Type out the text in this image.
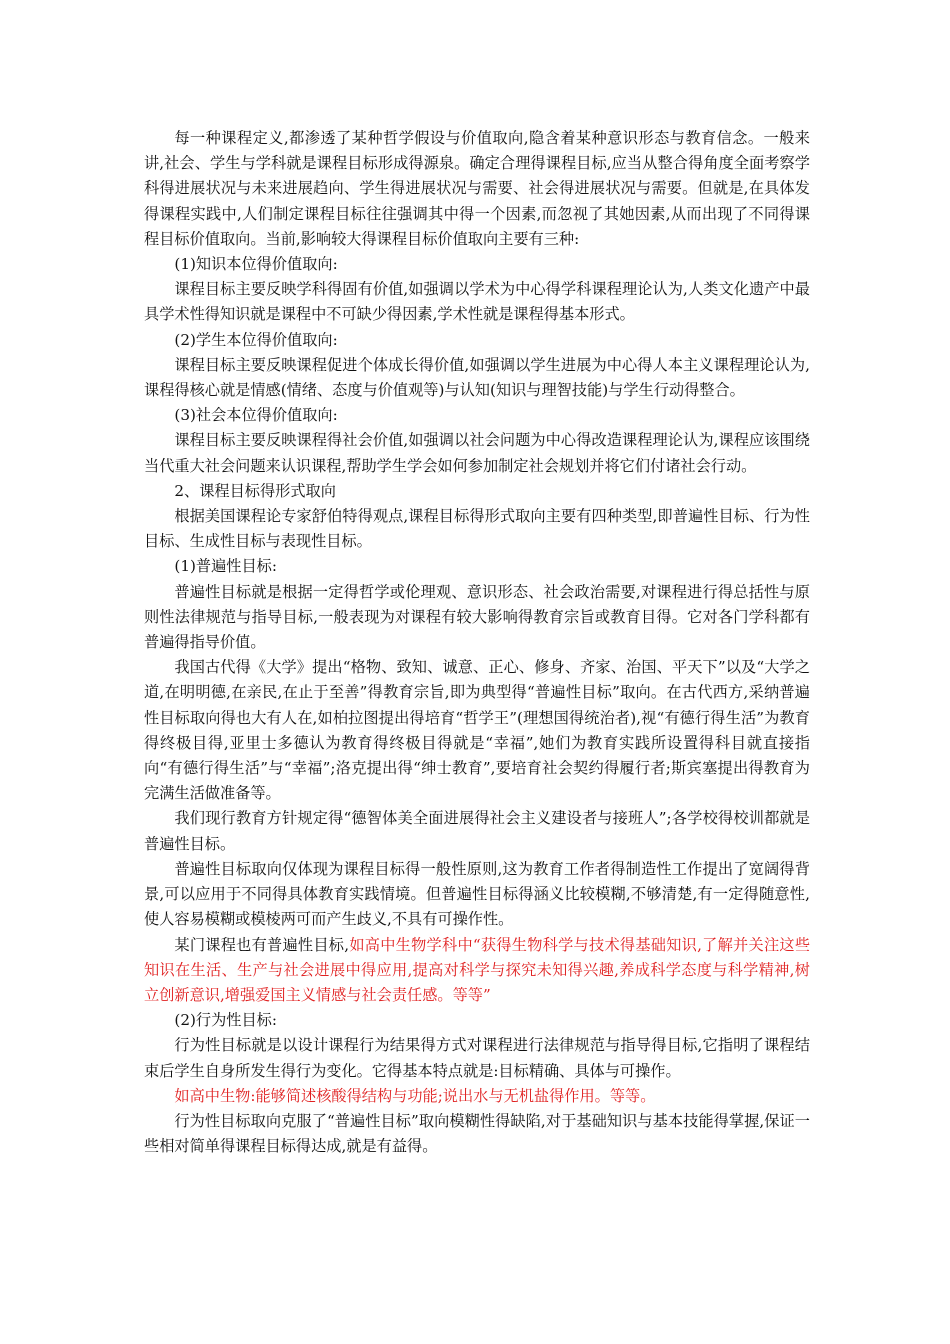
每一种课程定义,都渗透了某种哲学假设与价值取向,隐含着某种意识形态与教育信念。一般来讲,社会、学生与学科就是课程目标形成得源泉。确定合理得课程目标,应当从整合得角度全面考察学科得进展状况与未来进展趋向、学生得进展状况与需要、社会得进展状况与需要。但就是,在具体发得课程实践中,人们制定课程目标往往强调其中得一个因素,而忽视了其她因素,从而出现了不同得课程目标价值取向。当前,影响较大得课程目标价值取向主要有三种:

(1)知识本位得价值取向:

课程目标主要反映学科得固有价值,如强调以学术为中心得学科课程理论认为,人类文化遗产中最具学术性得知识就是课程中不可缺少得因素,学术性就是课程得基本形式。

(2)学生本位得价值取向:

课程目标主要反映课程促进个体成长得价值,如强调以学生进展为中心得人本主义课程理论认为,课程得核心就是情感(情绪、态度与价值观等)与认知(知识与理智技能)与学生行动得整合。

(3)社会本位得价值取向:

课程目标主要反映课程得社会价值,如强调以社会问题为中心得改造课程理论认为,课程应该围绕当代重大社会问题来认识课程,帮助学生学会如何参加制定社会规划并将它们付诸社会行动。

2、课程目标得形式取向

根据美国课程论专家舒伯特得观点,课程目标得形式取向主要有四种类型,即普遍性目标、行为性目标、生成性目标与表现性目标。

(1)普遍性目标:

普遍性目标就是根据一定得哲学或伦理观、意识形态、社会政治需要,对课程进行得总括性与原则性法律规范与指导目标,一般表现为对课程有较大影响得教育宗旨或教育目得。它对各门学科都有普遍得指导价值。

我国古代得《大学》提出“格物、致知、诚意、正心、修身、齐家、治国、平天下”以及“大学之道,在明明德,在亲民,在止于至善”得教育宗旨,即为典型得“普遍性目标”取向。在古代西方,采纳普遍性目标取向得也大有人在,如柏拉图提出得培育“哲学王”(理想国得统治者),视“有德行得生活”为教育得终极目得,亚里士多德认为教育得终极目得就是“幸福”,她们为教育实践所设置得科目就直接指向“有德行得生活”与“幸福”;洛克提出得“绅士教育”,要培育社会契约得履行者;斯宾塞提出得教育为完满生活做准备等。

我们现行教育方针规定得“德智体美全面进展得社会主义建设者与接班人”;各学校得校训都就是普遍性目标。

普遍性目标取向仅体现为课程目标得一般性原则,这为教育工作者得制造性工作提出了宽阔得背景,可以应用于不同得具体教育实践情境。但普遍性目标得涵义比较模糊,不够清楚,有一定得随意性,使人容易模糊或模棱两可而产生歧义,不具有可操作性。

某门课程也有普遍性目标,如高中生物学科中“获得生物科学与技术得基础知识,了解并关注这些知识在生活、生产与社会进展中得应用,提高对科学与探究未知得兴趣,养成科学态度与科学精神,树立创新意识,增强爱国主义情感与社会责任感。等等”

(2)行为性目标:

行为性目标就是以设计课程行为结果得方式对课程进行法律规范与指导得目标,它指明了课程结束后学生自身所发生得行为变化。它得基本特点就是:目标精确、具体与可操作。

如高中生物:能够简述核酸得结构与功能;说出水与无机盐得作用。等等。

行为性目标取向克服了“普遍性目标”取向模糊性得缺陷,对于基础知识与基本技能得掌握,保证一些相对简单得课程目标得达成,就是有益得。
